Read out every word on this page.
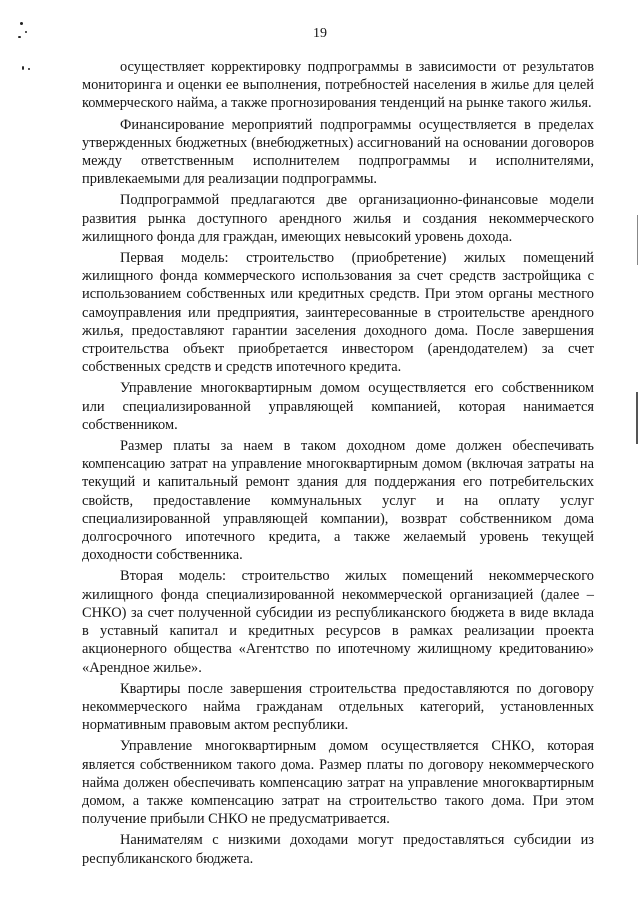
19

осуществляет корректировку подпрограммы в зависимости от результатов мониторинга и оценки ее выполнения, потребностей населения в жилье для целей коммерческого найма, а также прогнозирования тенденций на рынке такого жилья.

Финансирование мероприятий подпрограммы осуществляется в пределах утвержденных бюджетных (внебюджетных) ассигнований на основании договоров между ответственным исполнителем подпрограммы и исполнителями, привлекаемыми для реализации подпрограммы.

Подпрограммой предлагаются две организационно-финансовые модели развития рынка доступного арендного жилья и создания некоммерческого жилищного фонда для граждан, имеющих невысокий уровень дохода.

Первая модель: строительство (приобретение) жилых помещений жилищного фонда коммерческого использования за счет средств застройщика с использованием собственных или кредитных средств. При этом органы местного самоуправления или предприятия, заинтересованные в строительстве арендного жилья, предоставляют гарантии заселения доходного дома. После завершения строительства объект приобретается инвестором (арендодателем) за счет собственных средств и средств ипотечного кредита.

Управление многоквартирным домом осуществляется его собственником или специализированной управляющей компанией, которая нанимается собственником.

Размер платы за наем в таком доходном доме должен обеспечивать компенсацию затрат на управление многоквартирным домом (включая затраты на текущий и капитальный ремонт здания для поддержания его потребительских свойств, предоставление коммунальных услуг и на оплату услуг специализированной управляющей компании), возврат собственником дома долгосрочного ипотечного кредита, а также желаемый уровень текущей доходности собственника.

Вторая модель: строительство жилых помещений некоммерческого жилищного фонда специализированной некоммерческой организацией (далее – СНКО) за счет полученной субсидии из республиканского бюджета в виде вклада в уставный капитал и кредитных ресурсов в рамках реализации проекта акционерного общества «Агентство по ипотечному жилищному кредитованию» «Арендное жилье».

Квартиры после завершения строительства предоставляются по договору некоммерческого найма гражданам отдельных категорий, установленных нормативным правовым актом республики.

Управление многоквартирным домом осуществляется СНКО, которая является собственником такого дома. Размер платы по договору некоммерческого найма должен обеспечивать компенсацию затрат на управление многоквартирным домом, а также компенсацию затрат на строительство такого дома. При этом получение прибыли СНКО не предусматривается.

Нанимателям с низкими доходами могут предоставляться субсидии из республиканского бюджета.
